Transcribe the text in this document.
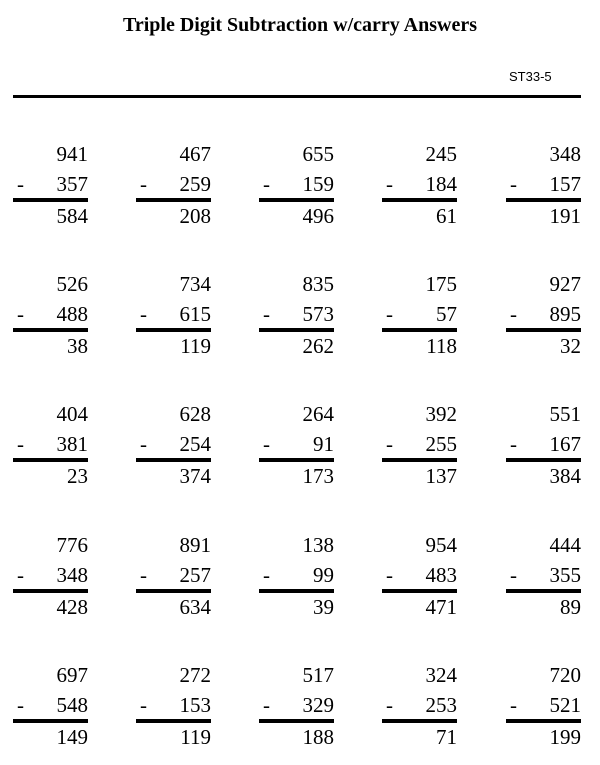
Triple Digit Subtraction w/carry Answers
ST33-5
941
- 357
584
467
- 259
208
655
- 159
496
245
- 184
61
348
- 157
191
526
- 488
38
734
- 615
119
835
- 573
262
175
- 57
118
927
- 895
32
404
- 381
23
628
- 254
374
264
- 91
173
392
- 255
137
551
- 167
384
776
- 348
428
891
- 257
634
138
- 99
39
954
- 483
471
444
- 355
89
697
- 548
149
272
- 153
119
517
- 329
188
324
- 253
71
720
- 521
199
